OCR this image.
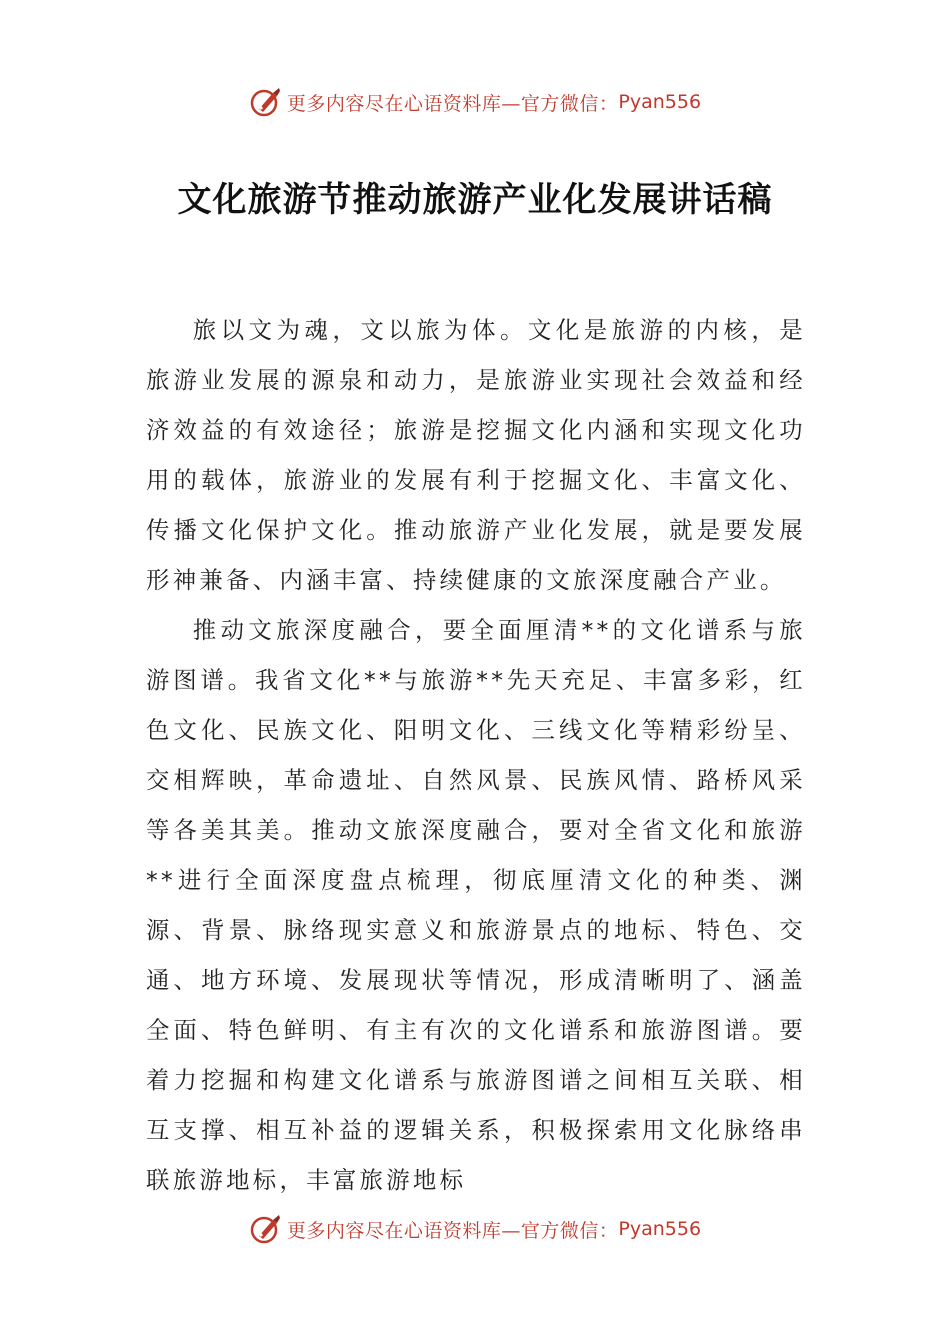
更多内容尽在心语资料库—官方微信： Pyan556
文化旅游节推动旅游产业化发展讲话稿

旅以文为魂，文以旅为体。文化是旅游的内核，是旅游业发展的源泉和动力，是旅游业实现社会效益和经济效益的有效途径；旅游是挖掘文化内涵和实现文化功用的载体，旅游业的发展有利于挖掘文化、丰富文化、传播文化保护文化。推动旅游产业化发展，就是要发展形神兼备、内涵丰富、持续健康的文旅深度融合产业。

推动文旅深度融合，要全面厘清**的文化谱系与旅游图谱。我省文化**与旅游**先天充足、丰富多彩，红色文化、民族文化、阳明文化、三线文化等精彩纷呈、交相辉映，革命遗址、自然风景、民族风情、路桥风采等各美其美。推动文旅深度融合，要对全省文化和旅游**进行全面深度盘点梳理，彻底厘清文化的种类、渊源、背景、脉络现实意义和旅游景点的地标、特色、交通、地方环境、发展现状等情况，形成清晰明了、涵盖全面、特色鲜明、有主有次的文化谱系和旅游图谱。要着力挖掘和构建文化谱系与旅游图谱之间相互关联、相互支撑、相互补益的逻辑关系，积极探索用文化脉络串联旅游地标，丰富旅游地标

更多内容尽在心语资料库—官方微信： Pyan556
